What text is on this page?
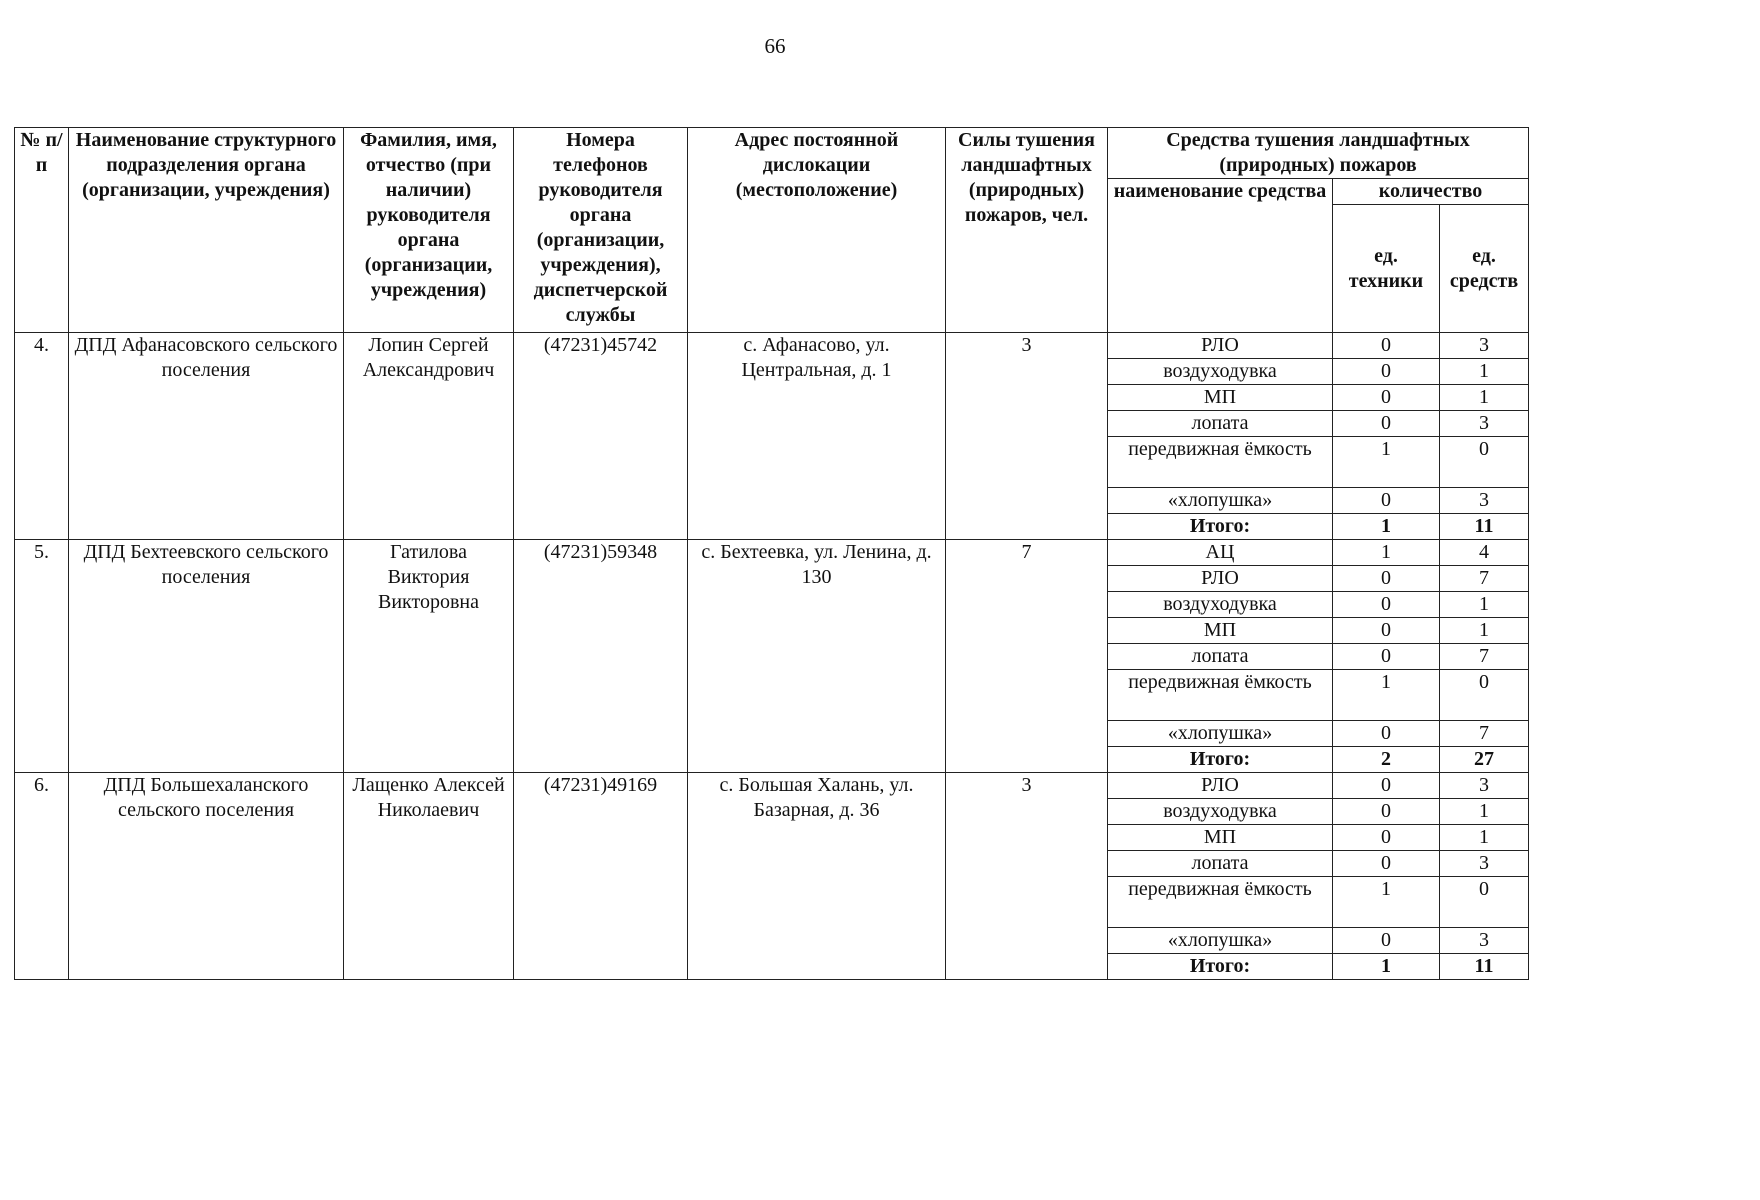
66
№ п/п	Наименование структурного подразделения органа (организации, учреждения)	Фамилия, имя, отчество (при наличии) руководителя органа (организации, учреждения)	Номера телефонов руководителя органа (организации, учреждения), диспетчерской службы	Адрес постоянной дислокации (местоположение)	Силы тушения ландшафтных (природных) пожаров, чел.	Средства тушения ландшафтных (природных) пожаров		
						наименование средства	количество	
							ед. техники	ед. средств
4.	ДПД Афанасовского сельского поселения	Лопин Сергей Александрович	(47231)45742	с. Афанасово, ул. Центральная, д. 1	3	РЛО	0	3
						воздуходувка	0	1
						МП	0	1
						лопата	0	3
						передвижная ёмкость	1	0
						«хлопушка»	0	3
						Итого:	1	11
5.	ДПД Бехтеевского сельского поселения	Гатилова Виктория Викторовна	(47231)59348	с. Бехтеевка, ул. Ленина, д. 130	7	АЦ	1	4
						РЛО	0	7
						воздуходувка	0	1
						МП	0	1
						лопата	0	7
						передвижная ёмкость	1	0
						«хлопушка»	0	7
						Итого:	2	27
6.	ДПД Большехаланского сельского поселения	Лащенко Алексей Николаевич	(47231)49169	с. Большая Халань, ул. Базарная, д. 36	3	РЛО	0	3
						воздуходувка	0	1
						МП	0	1
						лопата	0	3
						передвижная ёмкость	1	0
						«хлопушка»	0	3
						Итого:	1	11
